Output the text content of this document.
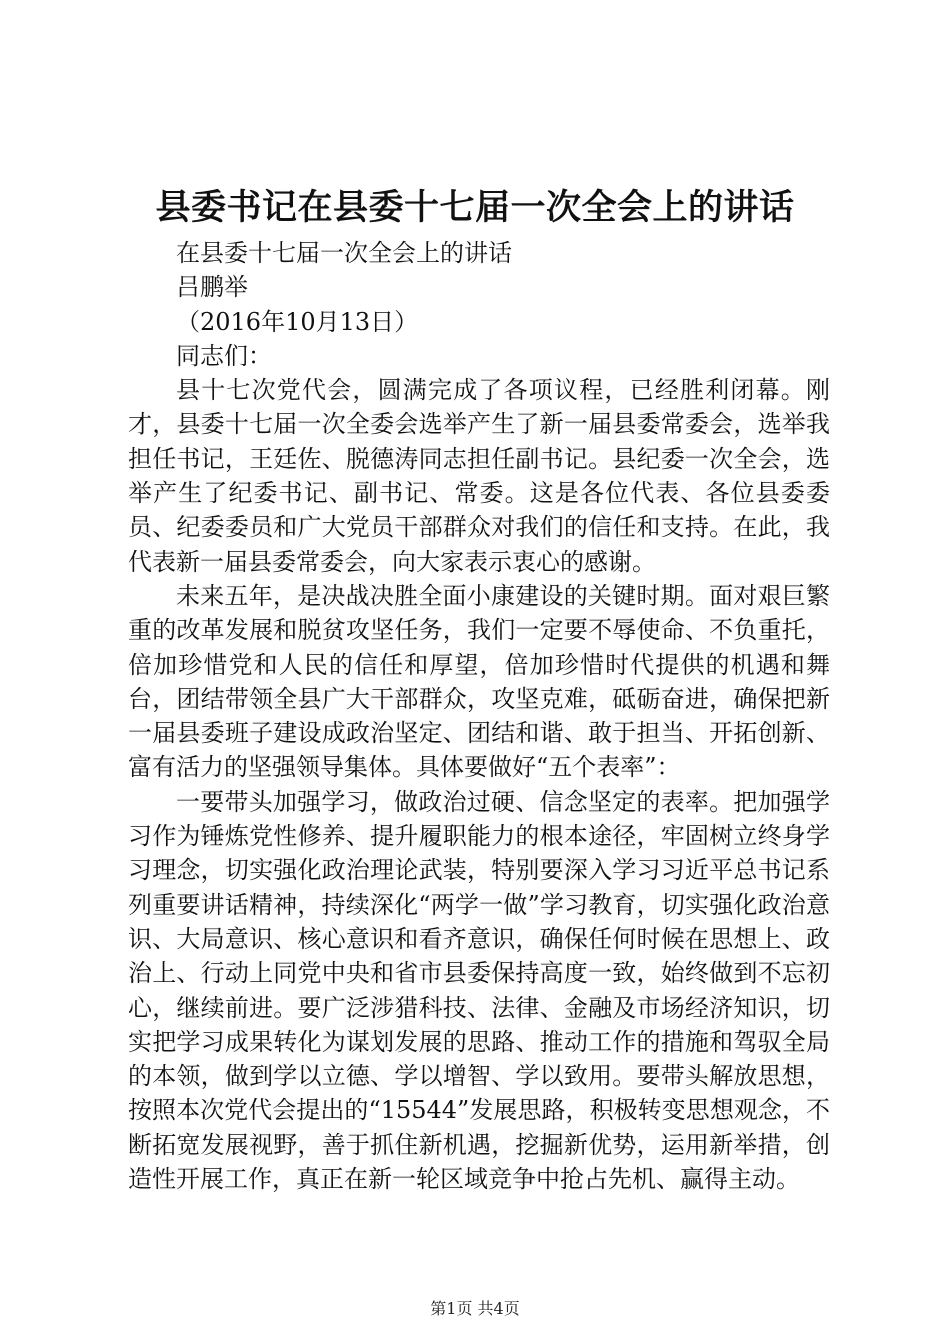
县委书记在县委十七届一次全会上的讲话

在县委十七届一次全会上的讲话

吕鹏举

（2016年10月13日）

同志们：

县十七次党代会，圆满完成了各项议程，已经胜利闭幕。刚才，县委十七届一次全委会选举产生了新一届县委常委会，选举我担任书记，王廷佐、脱德涛同志担任副书记。县纪委一次全会，选举产生了纪委书记、副书记、常委。这是各位代表、各位县委委员、纪委委员和广大党员干部群众对我们的信任和支持。在此，我代表新一届县委常委会，向大家表示衷心的感谢。

未来五年，是决战决胜全面小康建设的关键时期。面对艰巨繁重的改革发展和脱贫攻坚任务，我们一定要不辱使命、不负重托，倍加珍惜党和人民的信任和厚望，倍加珍惜时代提供的机遇和舞台，团结带领全县广大干部群众，攻坚克难，砥砺奋进，确保把新一届县委班子建设成政治坚定、团结和谐、敢于担当、开拓创新、富有活力的坚强领导集体。具体要做好“五个表率”：

一要带头加强学习，做政治过硬、信念坚定的表率。把加强学习作为锤炼党性修养、提升履职能力的根本途径，牢固树立终身学习理念，切实强化政治理论武装，特别要深入学习习近平总书记系列重要讲话精神，持续深化“两学一做”学习教育，切实强化政治意识、大局意识、核心意识和看齐意识，确保任何时候在思想上、政治上、行动上同党中央和省市县委保持高度一致，始终做到不忘初心，继续前进。要广泛涉猎科技、法律、金融及市场经济知识，切实把学习成果转化为谋划发展的思路、推动工作的措施和驾驭全局的本领，做到学以立德、学以增智、学以致用。要带头解放思想，按照本次党代会提出的“15544”发展思路，积极转变思想观念，不断拓宽发展视野，善于抓住新机遇，挖掘新优势，运用新举措，创造性开展工作，真正在新一轮区域竞争中抢占先机、赢得主动。

第1页 共4页
